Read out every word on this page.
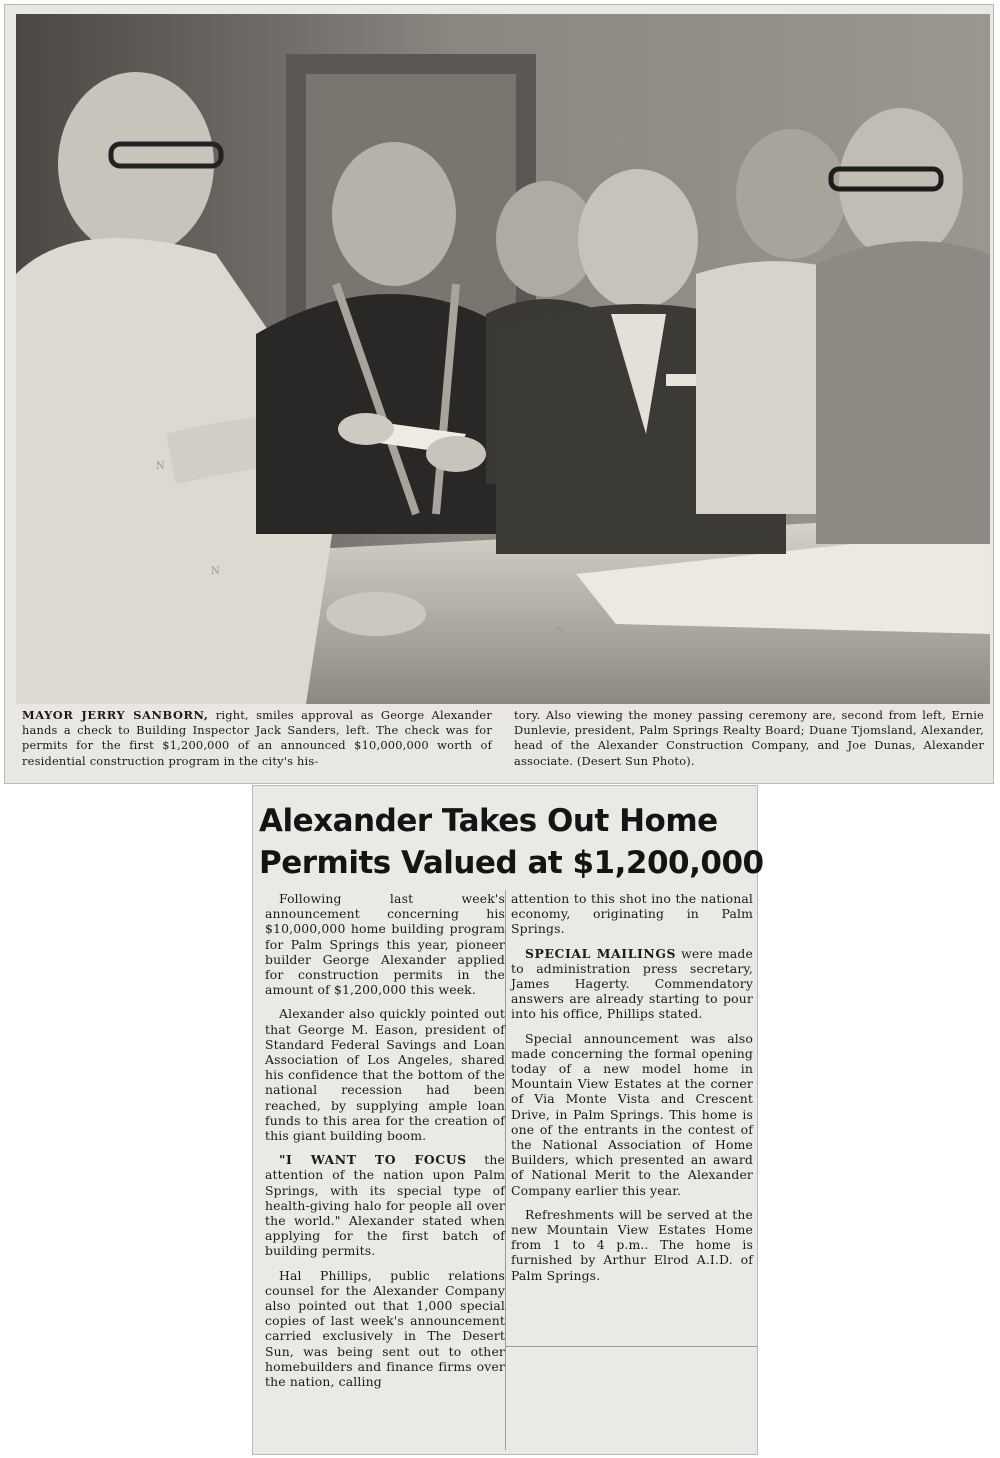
N
N
N
N
MAYOR JERRY SANBORN, right, smiles approval as George Alexander hands a check to Building Inspector Jack Sanders, left. The check was for permits for the first $1,200,000 of an announced $10,000,000 worth of residential construction program in the city's his-
tory. Also viewing the money passing ceremony are, second from left, Ernie Dunlevie, president, Palm Springs Realty Board; Duane Tjomsland, Alexander, head of the Alexander Construction Company, and Joe Dunas, Alexander associate. (Desert Sun Photo).
Alexander Takes Out Home
Permits Valued at $1,200,000

Following last week's announcement concerning his $10,000,000 home building program for Palm Springs this year, pioneer builder George Alexander applied for construction permits in the amount of $1,200,000 this week.

Alexander also quickly pointed out that George M. Eason, president of Standard Federal Savings and Loan Association of Los Angeles, shared his confidence that the bottom of the national recession had been reached, by supplying ample loan funds to this area for the creation of this giant building boom.

"I WANT TO FOCUS the attention of the nation upon Palm Springs, with its special type of health-giving halo for people all over the world." Alexander stated when applying for the first batch of building permits.

Hal Phillips, public relations counsel for the Alexander Company also pointed out that 1,000 special copies of last week's announcement carried exclusively in The Desert Sun, was being sent out to other homebuilders and finance firms over the nation, calling

attention to this shot ino the national economy, originating in Palm Springs.

SPECIAL MAILINGS were made to administration press secretary, James Hagerty. Commendatory answers are already starting to pour into his office, Phillips stated.

Special announcement was also made concerning the formal opening today of a new model home in Mountain View Estates at the corner of Via Monte Vista and Crescent Drive, in Palm Springs. This home is one of the entrants in the contest of the National Association of Home Builders, which presented an award of National Merit to the Alexander Company earlier this year.

Refreshments will be served at the new Mountain View Estates Home from 1 to 4 p.m.. The home is furnished by Arthur Elrod A.I.D. of Palm Springs.
